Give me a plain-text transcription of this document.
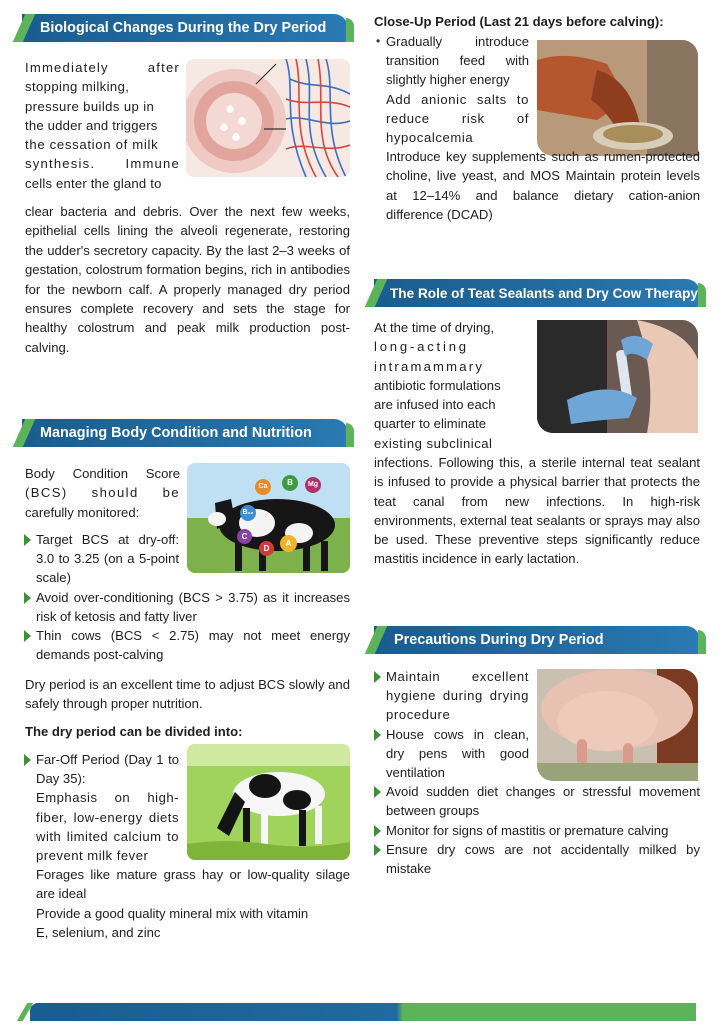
Biological Changes During the Dry Period
Immediately after
stopping milking,
pressure builds up in
the udder and triggers
the cessation of milk
synthesis. Immune
cells enter the gland to
clear bacteria and debris. Over the next few weeks, epithelial cells lining the alveoli regenerate, restoring the udder's secretory capacity. By the last 2–3 weeks of gestation, colostrum formation begins, rich in antibodies for the newborn calf. A properly managed dry period ensures complete recovery and sets the stage for healthy colostrum and peak milk production post-calving.
Managing Body Condition and Nutrition
Ca	B	Mg
B₁₂
C
D
A
Body Condition Score
(BCS) should be
carefully monitored:
Target BCS at dry-off: 3.0 to 3.25 (on a 5-point scale)
Avoid over-conditioning (BCS > 3.75) as it increases risk of ketosis and fatty liver
Thin cows (BCS < 2.75) may not meet energy demands post-calving
Dry period is an excellent time to adjust BCS slowly and safely through proper nutrition.
The dry period can be divided into:
Far-Off Period (Day 1 to Day 35):
Emphasis on high-fiber, low-energy diets with limited calcium to prevent milk fever
Forages like mature grass hay or low-quality silage are ideal
Provide a good quality mineral mix with vitamin E, selenium, and zinc
Close-Up Period (Last 21 days before calving):
• Gradually introduce transition feed with slightly higher energy
Add anionic salts to reduce risk of hypocalcemia
Introduce key supplements such as rumen-protected choline, live yeast, and MOS Maintain protein levels at 12–14% and balance dietary cation-anion difference (DCAD)
The Role of Teat Sealants and Dry Cow Therapy
At the time of drying,
long-acting
intramammary
antibiotic formulations
are infused into each
quarter to eliminate
existing subclinical
infections. Following this, a sterile internal teat sealant is infused to provide a physical barrier that protects the teat canal from new infections. In high-risk environments, external teat sealants or sprays may also be used. These preventive steps significantly reduce mastitis incidence in early lactation.
Precautions During Dry Period
Maintain excellent hygiene during drying procedure
House cows in clean, dry pens with good ventilation
Avoid sudden diet changes or stressful movement between groups
Monitor for signs of mastitis or premature calving
Ensure dry cows are not accidentally milked by mistake
